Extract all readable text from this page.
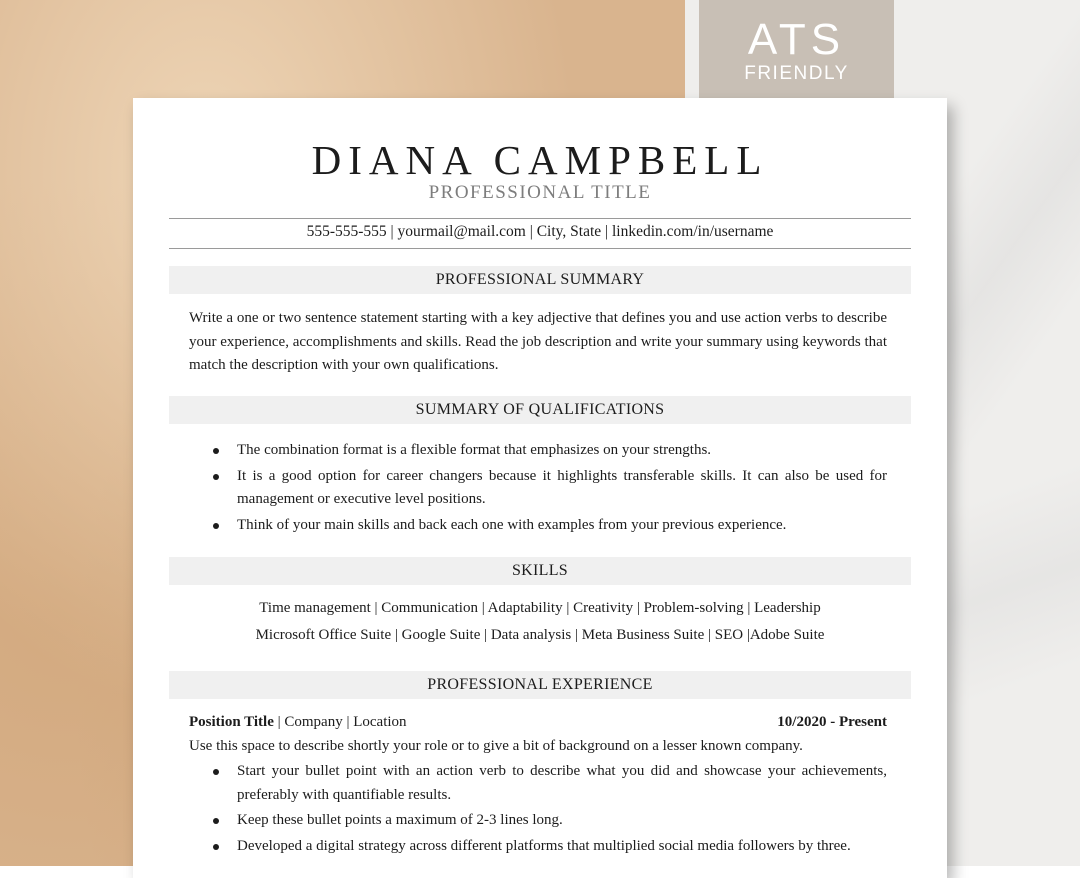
ATS
FRIENDLY
DIANA CAMPBELL
PROFESSIONAL TITLE
555-555-555 | yourmail@mail.com | City, State | linkedin.com/in/username
PROFESSIONAL SUMMARY

Write a one or two sentence statement starting with a key adjective that defines you and use action verbs to describe your experience, accomplishments and skills. Read the job description and write your summary using keywords that match the description with your own qualifications.

SUMMARY OF QUALIFICATIONS
The combination format is a flexible format that emphasizes on your strengths.
It is a good option for career changers because it highlights transferable skills. It can also be used for management or executive level positions.
Think of your main skills and back each one with examples from your previous experience.
SKILLS
Time management | Communication | Adaptability | Creativity | Problem-solving | Leadership
Microsoft Office Suite | Google Suite | Data analysis | Meta Business Suite | SEO |Adobe Suite
PROFESSIONAL EXPERIENCE
Position Title | Company | Location	10/2020 - Present

Use this space to describe shortly your role or to give a bit of background on a lesser known company.

Start your bullet point with an action verb to describe what you did and showcase your achievements, preferably with quantifiable results.
Keep these bullet points a maximum of 2-3 lines long.
Developed a digital strategy across different platforms that multiplied social media followers by three.
